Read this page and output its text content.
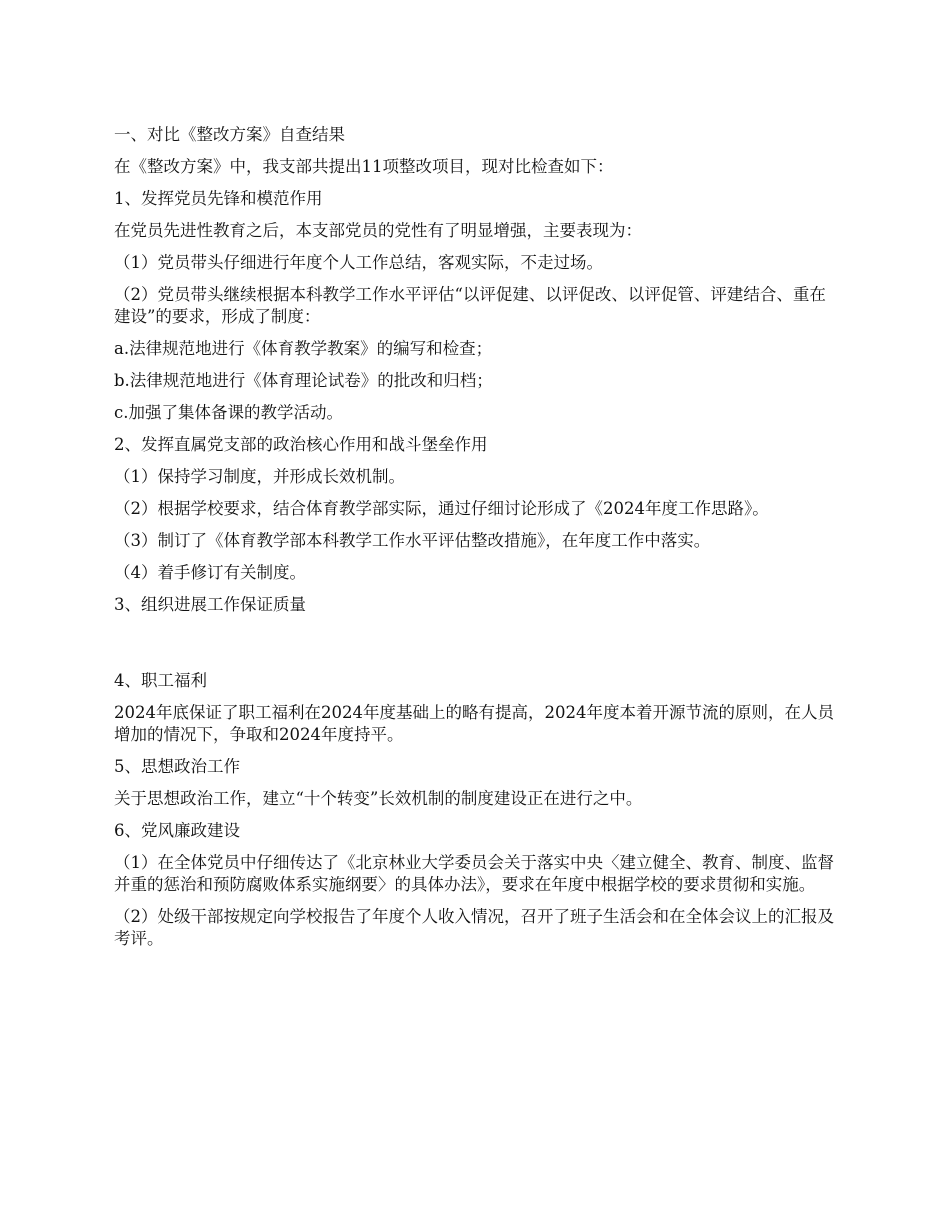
一、对比《整改方案》自查结果

在《整改方案》中，我支部共提出11项整改项目，现对比检查如下：

1、发挥党员先锋和模范作用

在党员先进性教育之后，本支部党员的党性有了明显增强，主要表现为：

（1）党员带头仔细进行年度个人工作总结，客观实际，不走过场。

（2）党员带头继续根据本科教学工作水平评估“以评促建、以评促改、以评促管、评建结合、重在建设”的要求，形成了制度：

a.法律规范地进行《体育教学教案》的编写和检查；

b.法律规范地进行《体育理论试卷》的批改和归档；

c.加强了集体备课的教学活动。

2、发挥直属党支部的政治核心作用和战斗堡垒作用

（1）保持学习制度，并形成长效机制。

（2）根据学校要求，结合体育教学部实际，通过仔细讨论形成了《2024年度工作思路》。

（3）制订了《体育教学部本科教学工作水平评估整改措施》，在年度工作中落实。

（4）着手修订有关制度。

3、组织进展工作保证质量

4、职工福利

2024年底保证了职工福利在2024年度基础上的略有提高，2024年度本着开源节流的原则，在人员增加的情况下，争取和2024年度持平。

5、思想政治工作

关于思想政治工作，建立“十个转变”长效机制的制度建设正在进行之中。

6、党风廉政建设

（1）在全体党员中仔细传达了《北京林业大学委员会关于落实中央〈建立健全、教育、制度、监督并重的惩治和预防腐败体系实施纲要〉的具体办法》，要求在年度中根据学校的要求贯彻和实施。

（2）处级干部按规定向学校报告了年度个人收入情况，召开了班子生活会和在全体会议上的汇报及考评。
